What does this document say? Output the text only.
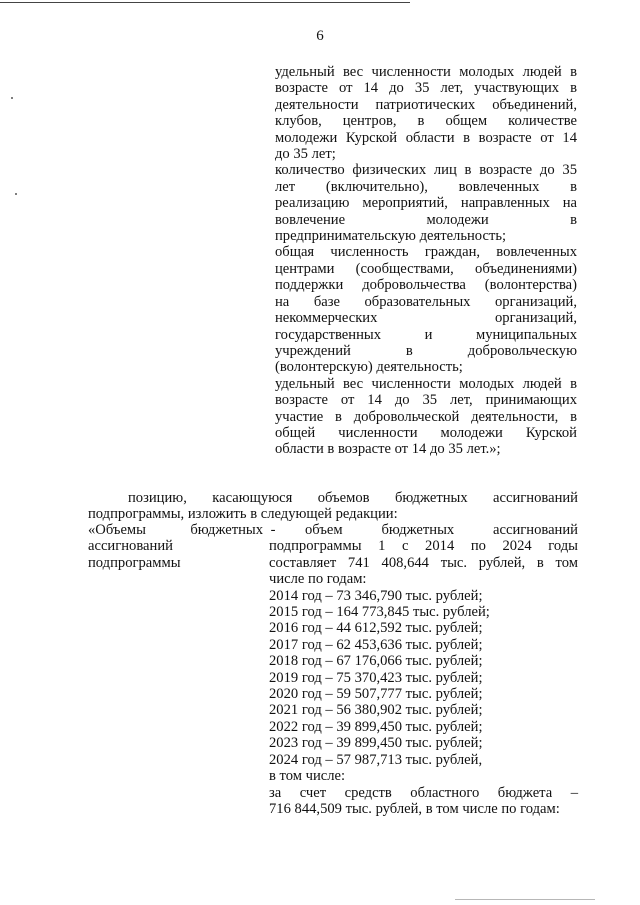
6
удельный вес численности молодых людей в
возрасте от 14 до 35 лет, участвующих в
деятельности патриотических объединений,
клубов, центров, в общем количестве
молодежи Курской области в возрасте от 14
до 35 лет;
количество физических лиц в возрасте до 35
лет (включительно), вовлеченных в
реализацию мероприятий, направленных на
вовлечение молодежи в
предпринимательскую деятельность;
общая численность граждан, вовлеченных
центрами (сообществами, объединениями)
поддержки добровольчества (волонтерства)
на базе образовательных организаций,
некоммерческих организаций,
государственных и муниципальных
учреждений в добровольческую
(волонтерскую) деятельность;
удельный вес численности молодых людей в
возрасте от 14 до 35 лет, принимающих
участие в добровольческой деятельности, в
общей численности молодежи Курской
области в возрасте от 14 до 35 лет.»;
позицию, касающуюся объемов бюджетных ассигнований
подпрограммы, изложить в следующей редакции:
«Объемы бюджетных
ассигнований
подпрограммы
-	объем бюджетных ассигнований
подпрограммы 1 с 2014 по 2024 годы
составляет 741 408,644 тыс. рублей, в том
числе по годам:
2014 год – 73 346,790 тыс. рублей;
2015 год – 164 773,845 тыс. рублей;
2016 год – 44 612,592 тыс. рублей;
2017 год – 62 453,636 тыс. рублей;
2018 год – 67 176,066 тыс. рублей;
2019 год – 75 370,423 тыс. рублей;
2020 год – 59 507,777 тыс. рублей;
2021 год – 56 380,902 тыс. рублей;
2022 год – 39 899,450 тыс. рублей;
2023 год – 39 899,450 тыс. рублей;
2024 год – 57 987,713 тыс. рублей,
в том числе:
за счет средств областного бюджета –
716 844,509 тыс. рублей, в том числе по годам:
